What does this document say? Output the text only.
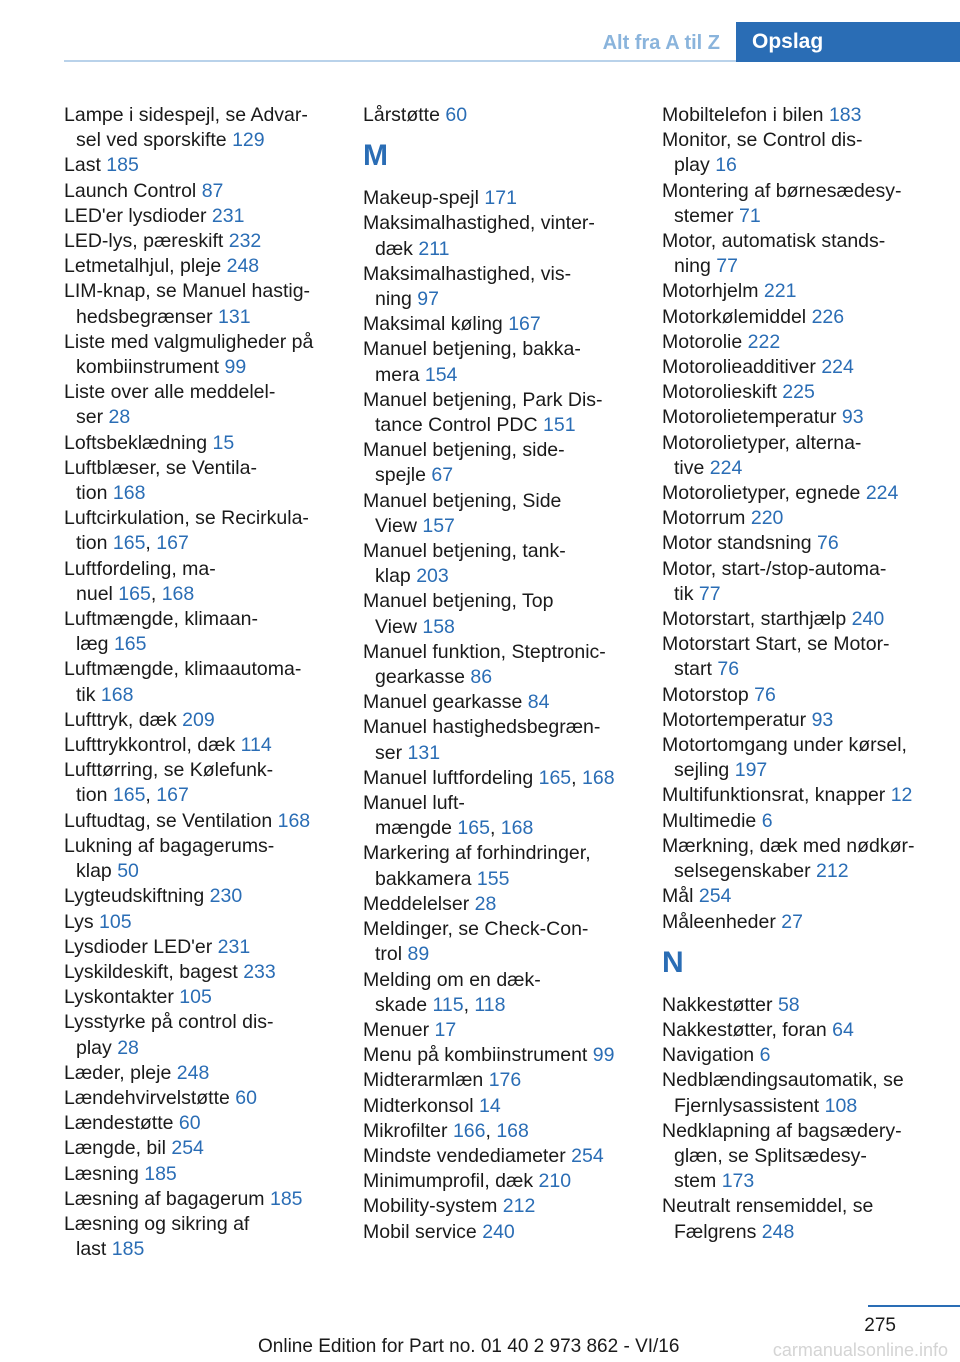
Alt fra A til Z	Opslag
Lampe i sidespejl, se Advar-
sel ved sporskifte 129
Last 185
Launch Control 87
LED'er lysdioder 231
LED-lys, pæreskift 232
Letmetalhjul, pleje 248
LIM-knap, se Manuel hastig-
hedsbegrænser 131
Liste med valgmuligheder på
kombiinstrument 99
Liste over alle meddelel-
ser 28
Loftsbeklædning 15
Luftblæser, se Ventila-
tion 168
Luftcirkulation, se Recirkula-
tion 165, 167
Luftfordeling, ma-
nuel 165, 168
Luftmængde, klimaan-
læg 165
Luftmængde, klimaautoma-
tik 168
Lufttryk, dæk 209
Lufttrykkontrol, dæk 114
Lufttørring, se Kølefunk-
tion 165, 167
Luftudtag, se Ventilation 168
Lukning af bagagerums-
klap 50
Lygteudskiftning 230
Lys 105
Lysdioder LED'er 231
Lyskildeskift, bagest 233
Lyskontakter 105
Lysstyrke på control dis-
play 28
Læder, pleje 248
Lændehvirvelstøtte 60
Lændestøtte 60
Længde, bil 254
Læsning 185
Læsning af bagagerum 185
Læsning og sikring af
last 185
Lårstøtte 60
M
Makeup-spejl 171
Maksimalhastighed, vinter-
dæk 211
Maksimalhastighed, vis-
ning 97
Maksimal køling 167
Manuel betjening, bakka-
mera 154
Manuel betjening, Park Dis-
tance Control PDC 151
Manuel betjening, side-
spejle 67
Manuel betjening, Side
View 157
Manuel betjening, tank-
klap 203
Manuel betjening, Top
View 158
Manuel funktion, Steptronic-
gearkasse 86
Manuel gearkasse 84
Manuel hastighedsbegræn-
ser 131
Manuel luftfordeling 165, 168
Manuel luft-
mængde 165, 168
Markering af forhindringer,
bakkamera 155
Meddelelser 28
Meldinger, se Check-Con-
trol 89
Melding om en dæk-
skade 115, 118
Menuer 17
Menu på kombiinstrument 99
Midterarmlæn 176
Midterkonsol 14
Mikrofilter 166, 168
Mindste vendediameter 254
Minimumprofil, dæk 210
Mobility-system 212
Mobil service 240
Mobiltelefon i bilen 183
Monitor, se Control dis-
play 16
Montering af børnesædesy-
stemer 71
Motor, automatisk stands-
ning 77
Motorhjelm 221
Motorkølemiddel 226
Motorolie 222
Motorolieadditiver 224
Motorolieskift 225
Motorolietemperatur 93
Motorolietyper, alterna-
tive 224
Motorolietyper, egnede 224
Motorrum 220
Motor standsning 76
Motor, start-/stop-automa-
tik 77
Motorstart, starthjælp 240
Motorstart Start, se Motor-
start 76
Motorstop 76
Motortemperatur 93
Motortomgang under kørsel,
sejling 197
Multifunktionsrat, knapper 12
Multimedie 6
Mærkning, dæk med nødkør-
selsegenskaber 212
Mål 254
Måleenheder 27
N
Nakkestøtter 58
Nakkestøtter, foran 64
Navigation 6
Nedblændingsautomatik, se
Fjernlysassistent 108
Nedklapning af bagsædery-
glæn, se Splitsædesy-
stem 173
Neutralt rensemiddel, se
Fælgrens 248
275
Online Edition for Part no. 01 40 2 973 862 - VI/16	carmanualsonline.info
